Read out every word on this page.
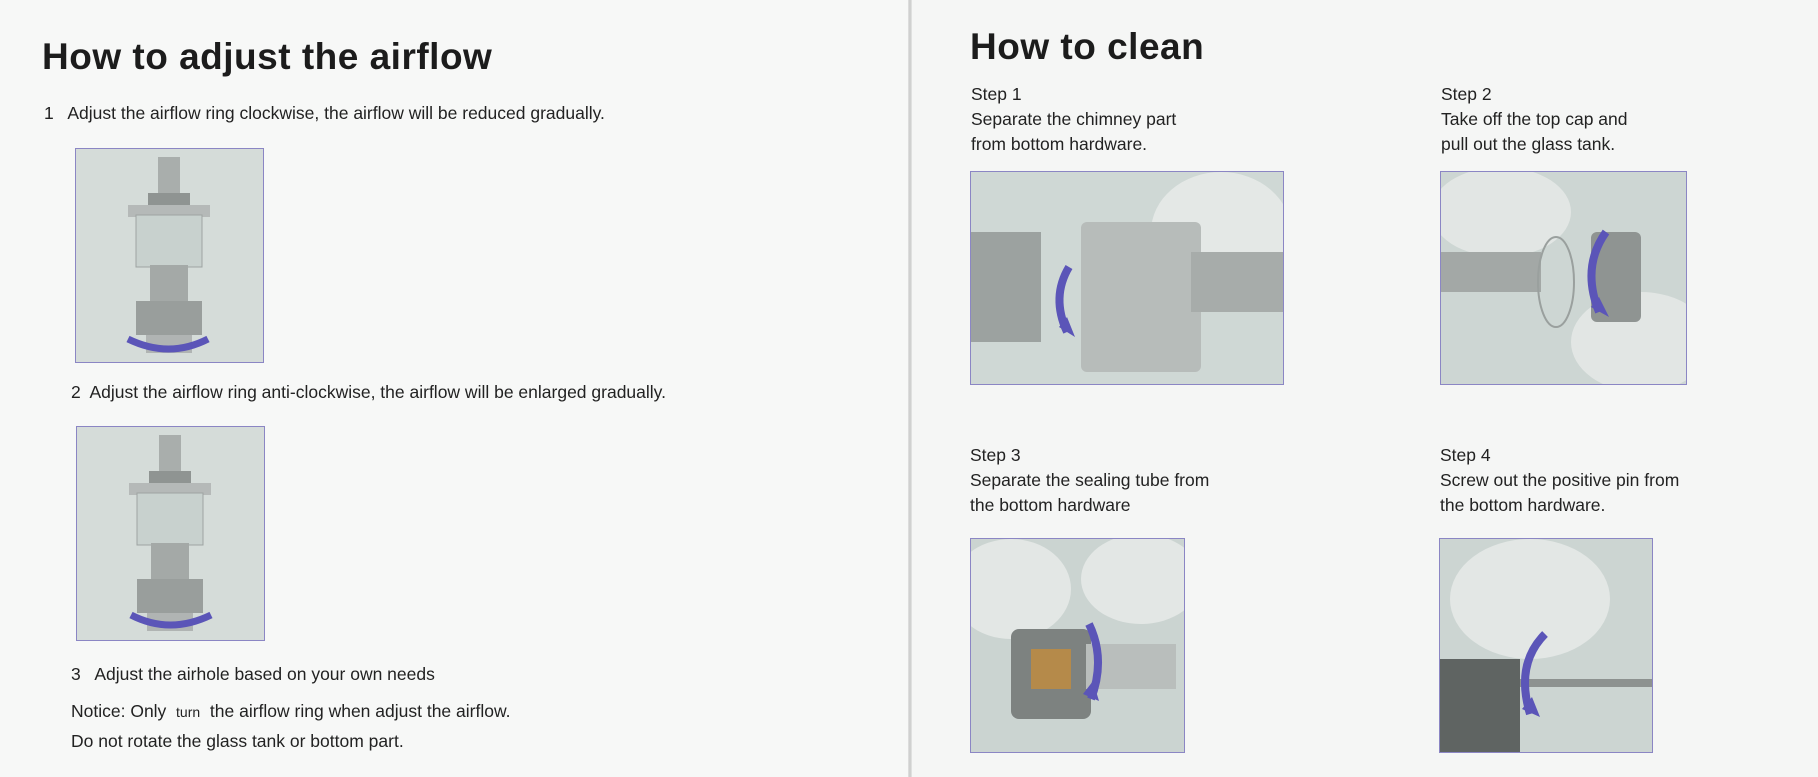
How to adjust the airflow
1 Adjust the airflow ring clockwise, the airflow will be reduced gradually.
2 Adjust the airflow ring anti-clockwise, the airflow will be enlarged gradually.
3 Adjust the airhole based on your own needs
Notice: Only turn the airflow ring when adjust the airflow.
Do not rotate the glass tank or bottom part.
How to clean
Step 1
Separate the chimney part
from bottom hardware.
Step 2
Take off the top cap and
pull out the glass tank.
Step 3
Separate the sealing tube from
the bottom hardware
Step 4
Screw out the positive pin from
the bottom hardware.
